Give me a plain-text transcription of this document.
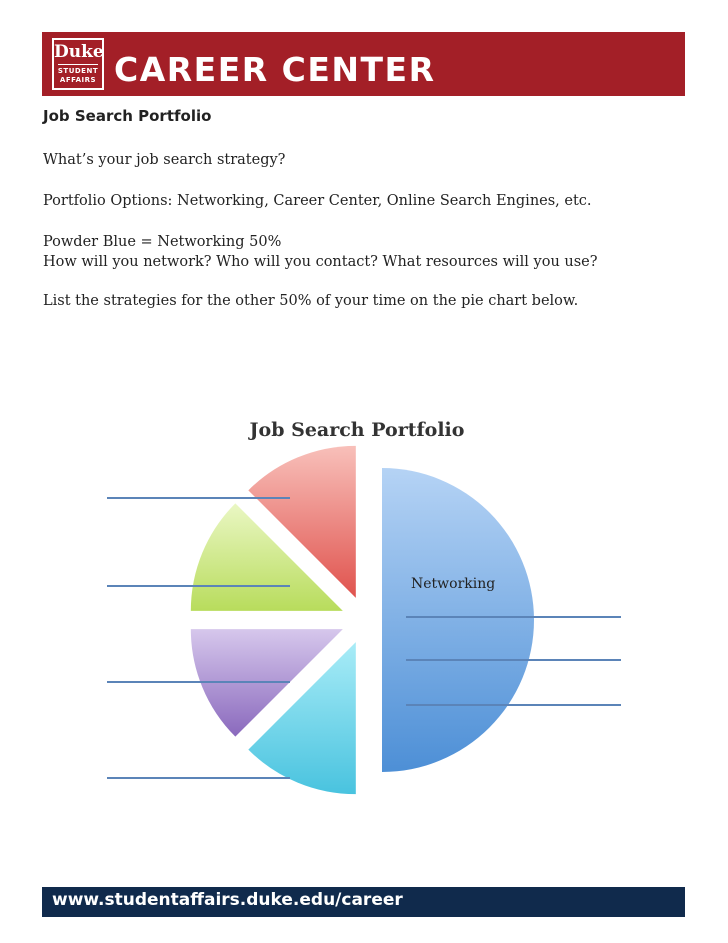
Duke
STUDENT
AFFAIRS CAREER CENTER
Job Search Portfolio
What’s your job search strategy?
Portfolio Options: Networking, Career Center, Online Search Engines, etc.
Powder Blue = Networking 50%
How will you network? Who will you contact? What resources will you use?
List the strategies for the other 50% of your time on the pie chart below.
Job Search Portfolio
Networking
www.studentaffairs.duke.edu/career
